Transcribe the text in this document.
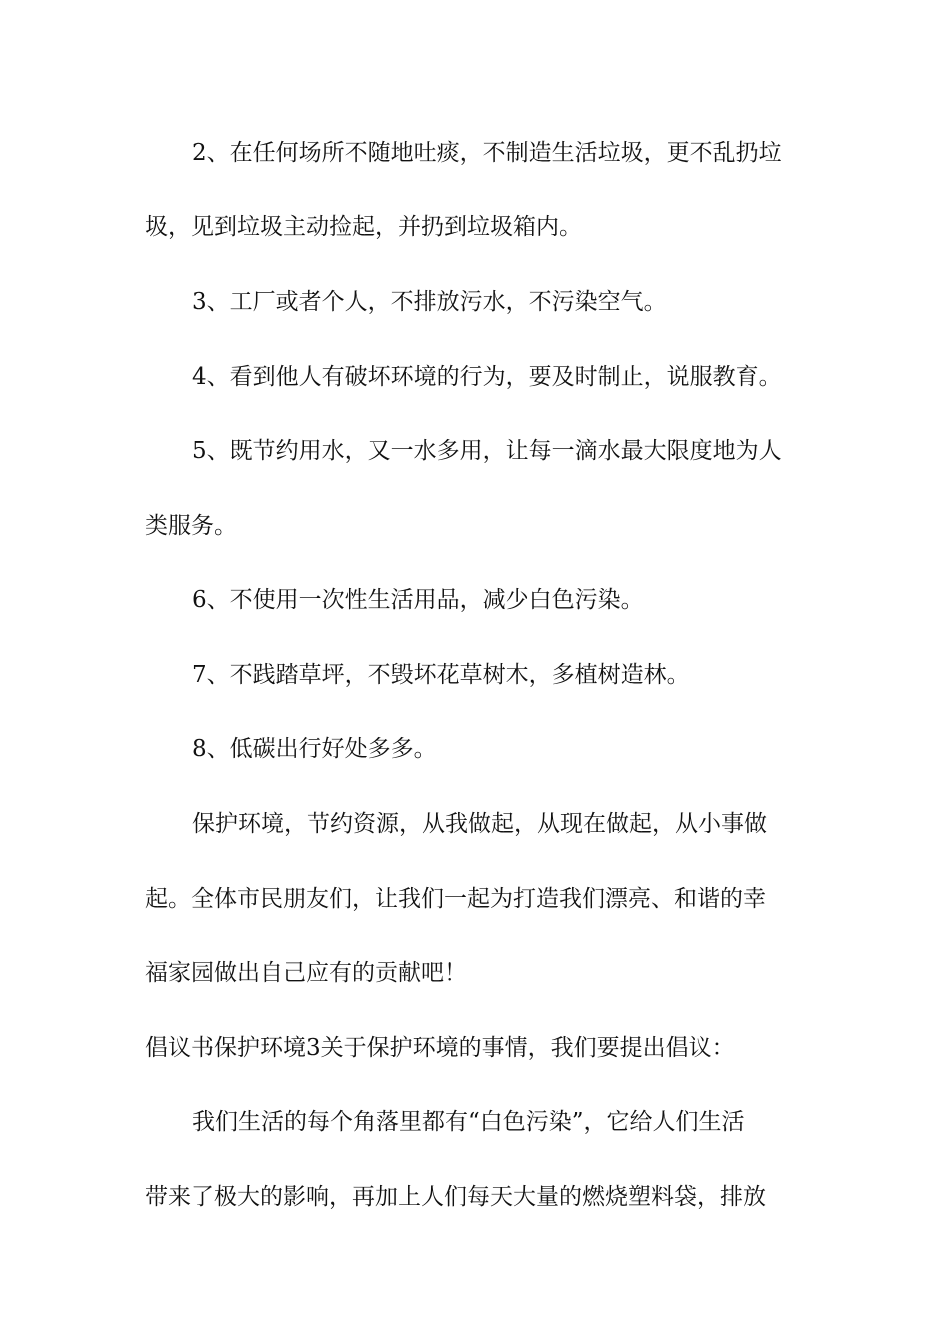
2、在任何场所不随地吐痰，不制造生活垃圾，更不乱扔垃
圾，见到垃圾主动捡起，并扔到垃圾箱内。
3、工厂或者个人，不排放污水，不污染空气。
4、看到他人有破坏环境的行为，要及时制止，说服教育。
5、既节约用水，又一水多用，让每一滴水最大限度地为人
类服务。
6、不使用一次性生活用品，减少白色污染。
7、不践踏草坪，不毁坏花草树木，多植树造林。
8、低碳出行好处多多。
保护环境，节约资源，从我做起，从现在做起，从小事做
起。全体市民朋友们，让我们一起为打造我们漂亮、和谐的幸
福家园做出自己应有的贡献吧！
倡议书保护环境3关于保护环境的事情，我们要提出倡议：
我们生活的每个角落里都有“白色污染”，它给人们生活
带来了极大的影响，再加上人们每天大量的燃烧塑料袋，排放
